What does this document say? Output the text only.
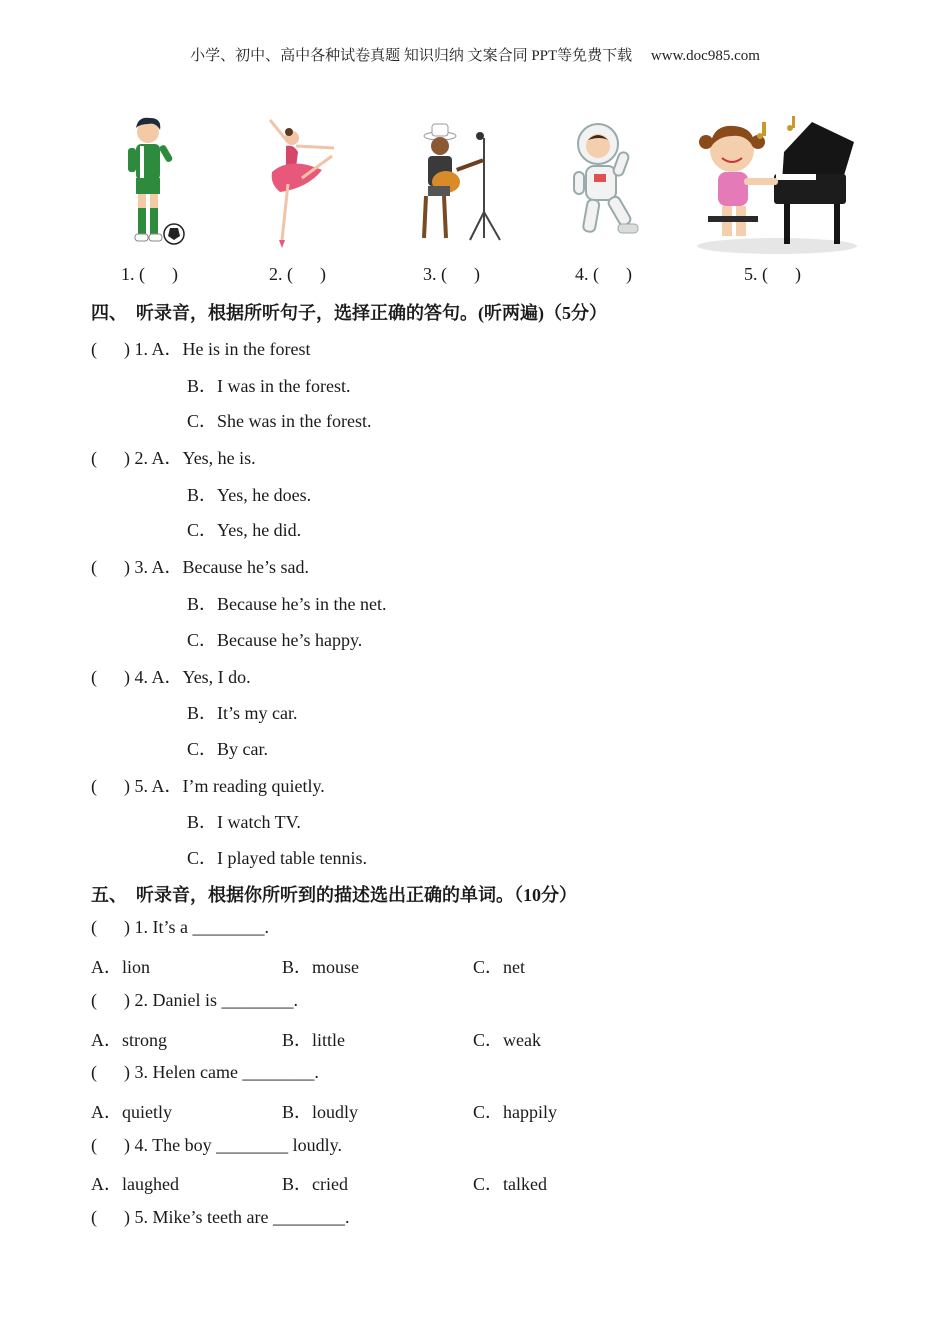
小学、初中、高中各种试卷真题 知识归纳 文案合同 PPT等免费下载     www.doc985.com
1. (      )	2. (      )	3. (      )	4. (      )	5. (      )
四、  听录音，根据所听句子，选择正确的答句。(听两遍)（5分）
(      ) 1. A．He is in the forest
B．I was in the forest.
C．She was in the forest.
(      ) 2. A．Yes, he is.
B．Yes, he does.
C．Yes, he did.
(      ) 3. A．Because he’s sad.
B．Because he’s in the net.
C．Because he’s happy.
(      ) 4. A．Yes, I do.
B．It’s my car.
C．By car.
(      ) 5. A．I’m reading quietly.
B．I watch TV.
C．I played table tennis.
五、  听录音，根据你所听到的描述选出正确的单词。（10分）
(      ) 1. It’s a ________.
A．lion	B．mouse	C．net
(      ) 2. Daniel is ________.
A．strong	B．little	C．weak
(      ) 3. Helen came ________.
A．quietly	B．loudly	C．happily
(      ) 4. The boy ________ loudly.
A．laughed	B．cried	C．talked
(      ) 5. Mike’s teeth are ________.
